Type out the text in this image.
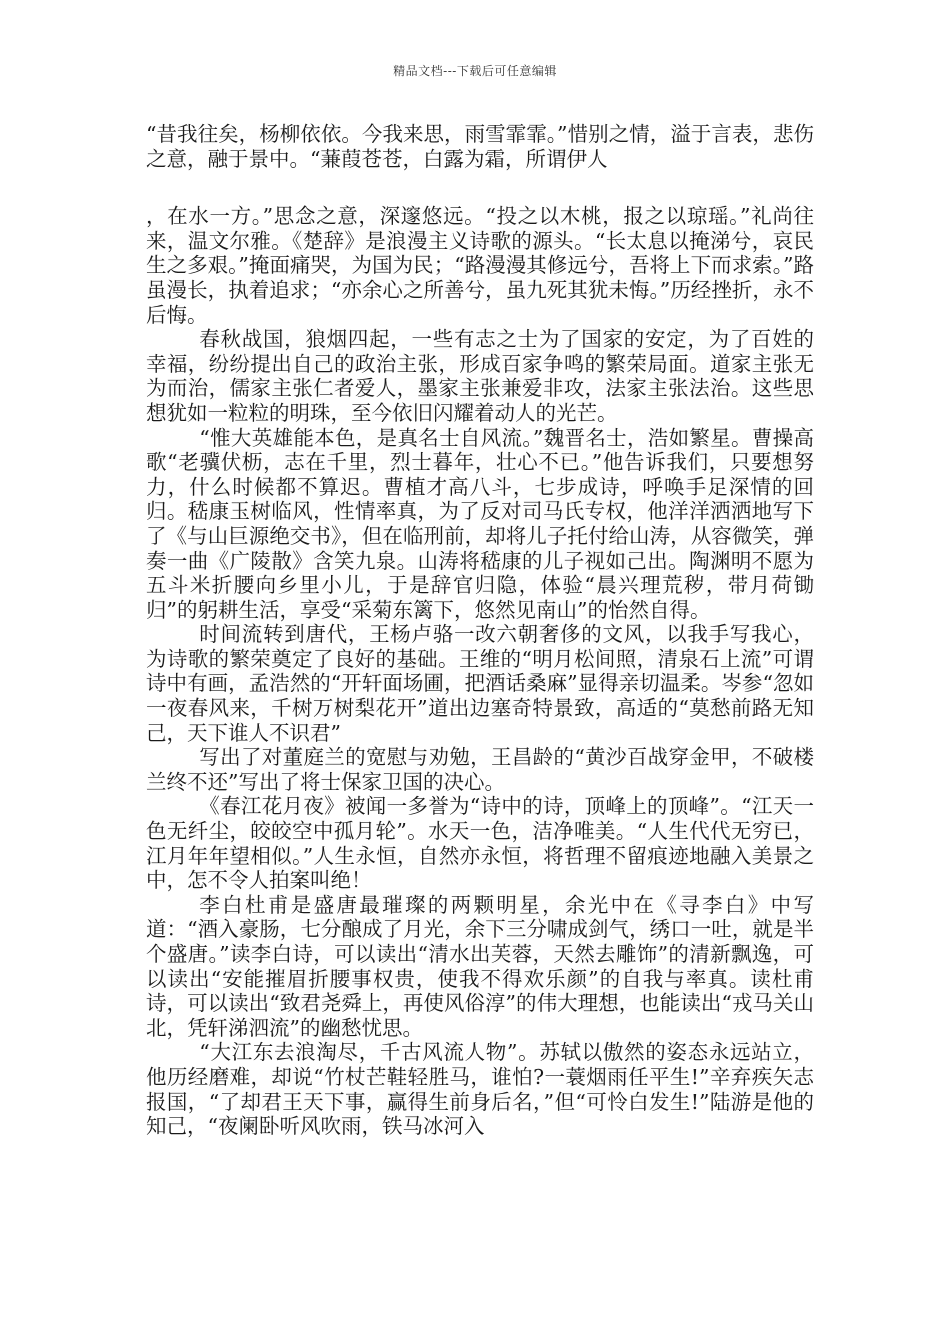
精品文档---下载后可任意编辑

“昔我往矣，杨柳依依。今我来思，雨雪霏霏。”惜别之情，溢于言表，悲伤之意，融于景中。“蒹葭苍苍，白露为霜，所谓伊人

，在水一方。”思念之意，深邃悠远。“投之以木桃，报之以琼瑶。”礼尚往来，温文尔雅。《楚辞》是浪漫主义诗歌的源头。“长太息以掩涕兮，哀民生之多艰。”掩面痛哭，为国为民；“路漫漫其修远兮，吾将上下而求索。”路虽漫长，执着追求；“亦余心之所善兮，虽九死其犹未悔。”历经挫折，永不后悔。

春秋战国，狼烟四起，一些有志之士为了国家的安定，为了百姓的幸福，纷纷提出自己的政治主张，形成百家争鸣的繁荣局面。道家主张无为而治，儒家主张仁者爱人，墨家主张兼爱非攻，法家主张法治。这些思想犹如一粒粒的明珠，至今依旧闪耀着动人的光芒。

“惟大英雄能本色，是真名士自风流。”魏晋名士，浩如繁星。曹操高歌“老骥伏枥，志在千里，烈士暮年，壮心不已。”他告诉我们，只要想努力，什么时候都不算迟。曹植才高八斗，七步成诗，呼唤手足深情的回归。嵇康玉树临风，性情率真，为了反对司马氏专权，他洋洋洒洒地写下了《与山巨源绝交书》，但在临刑前，却将儿子托付给山涛，从容微笑，弹奏一曲《广陵散》含笑九泉。山涛将嵇康的儿子视如己出。陶渊明不愿为五斗米折腰向乡里小儿，于是辞官归隐，体验“晨兴理荒秽，带月荷锄归”的躬耕生活，享受“采菊东篱下，悠然见南山”的怡然自得。

时间流转到唐代，王杨卢骆一改六朝奢侈的文风，以我手写我心，为诗歌的繁荣奠定了良好的基础。王维的“明月松间照，清泉石上流”可谓诗中有画，孟浩然的“开轩面场圃，把酒话桑麻”显得亲切温柔。岑参“忽如一夜春风来，千树万树梨花开”道出边塞奇特景致，高适的“莫愁前路无知己，天下谁人不识君”

写出了对董庭兰的宽慰与劝勉，王昌龄的“黄沙百战穿金甲，不破楼兰终不还”写出了将士保家卫国的决心。

《春江花月夜》被闻一多誉为“诗中的诗，顶峰上的顶峰”。“江天一色无纤尘，皎皎空中孤月轮”。水天一色，洁净唯美。“人生代代无穷已，江月年年望相似。”人生永恒，自然亦永恒，将哲理不留痕迹地融入美景之中，怎不令人拍案叫绝！

李白杜甫是盛唐最璀璨的两颗明星，余光中在《寻李白》中写道：“酒入豪肠，七分酿成了月光，余下三分啸成剑气，绣口一吐，就是半个盛唐。”读李白诗，可以读出“清水出芙蓉，天然去雕饰”的清新飘逸，可以读出“安能摧眉折腰事权贵，使我不得欢乐颜”的自我与率真。读杜甫诗，可以读出“致君尧舜上，再使风俗淳”的伟大理想，也能读出“戎马关山北，凭轩涕泗流”的幽愁忧思。

“大江东去浪淘尽，千古风流人物”。苏轼以傲然的姿态永远站立，他历经磨难，却说“竹杖芒鞋轻胜马，谁怕?一蓑烟雨任平生!”辛弃疾矢志报国，“了却君王天下事，赢得生前身后名，”但“可怜白发生!”陆游是他的知己，“夜阑卧听风吹雨，铁马冰河入
